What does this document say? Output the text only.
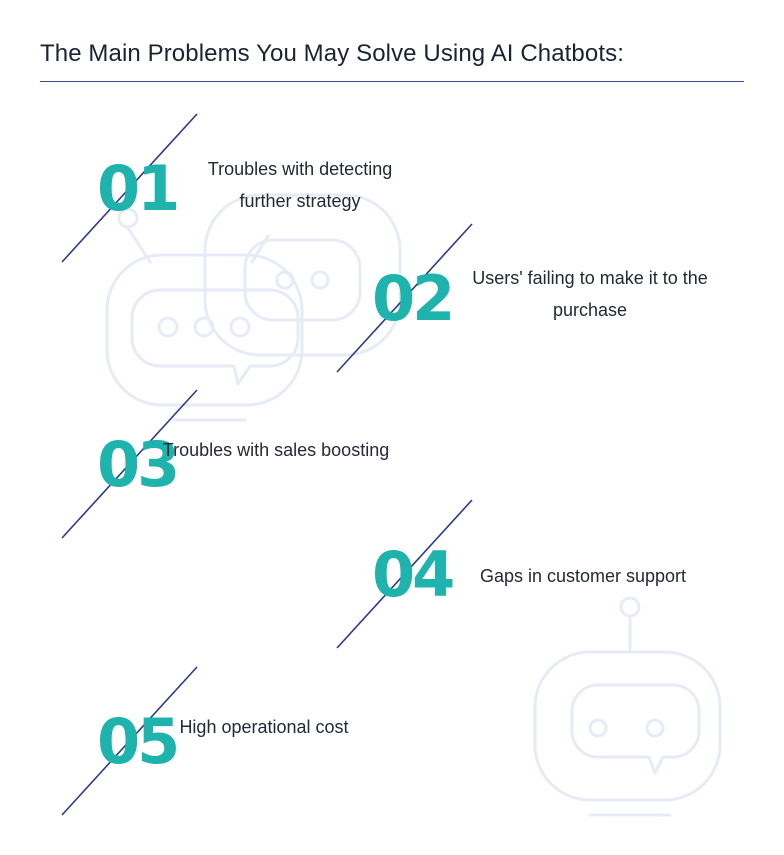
The Main Problems You May Solve Using AI Chatbots:
01	Troubles with detecting further strategy
02	Users' failing to make it to the purchase
03
Troubles with sales boosting
04	Gaps in customer support
05 High operational cost
